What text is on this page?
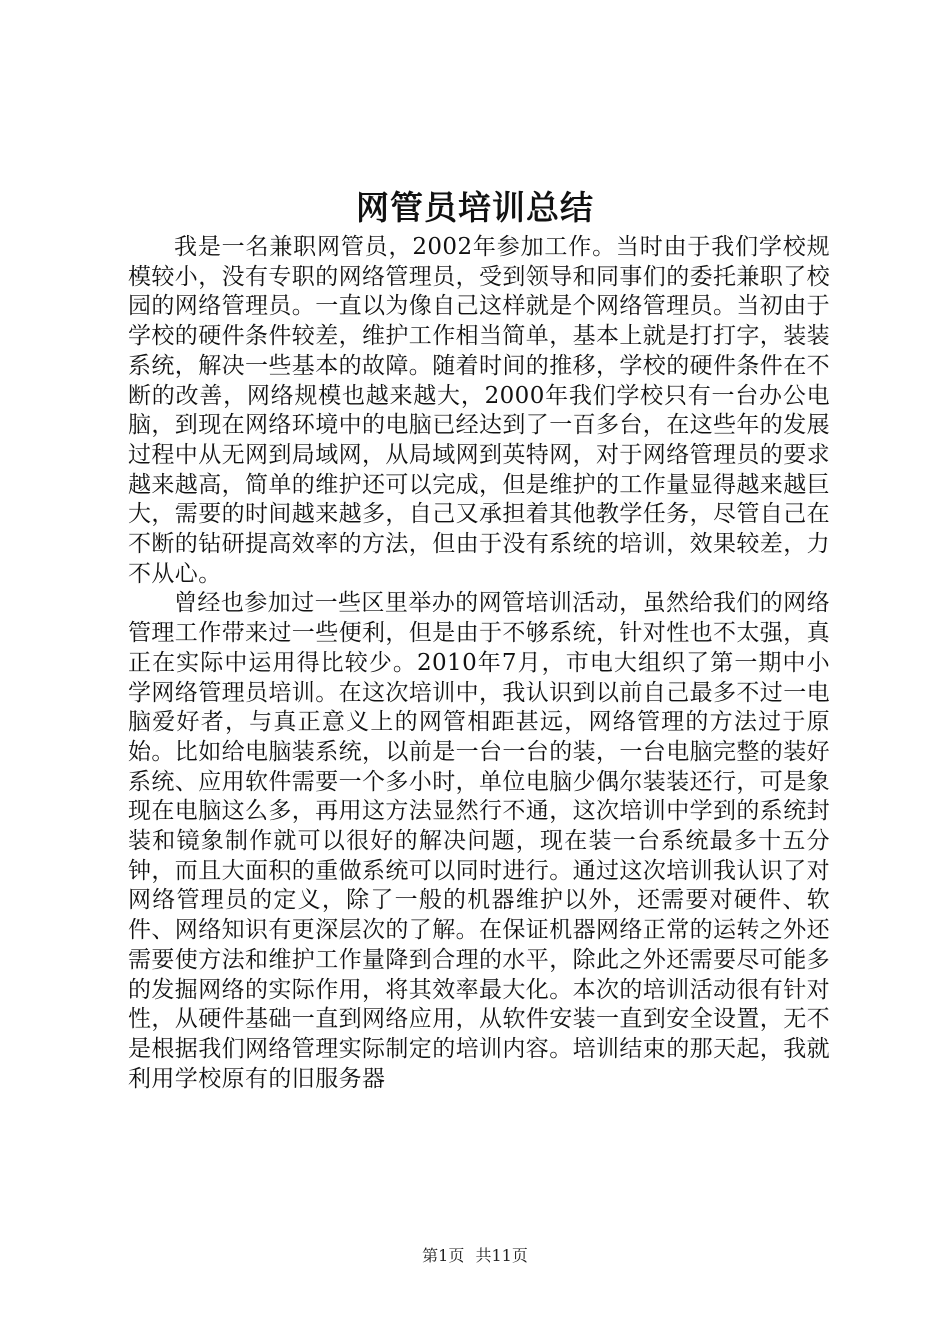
网管员培训总结

我是一名兼职网管员，2002年参加工作。当时由于我们学校规模较小，没有专职的网络管理员，受到领导和同事们的委托兼职了校园的网络管理员。一直以为像自己这样就是个网络管理员。当初由于学校的硬件条件较差，维护工作相当简单，基本上就是打打字，装装系统，解决一些基本的故障。随着时间的推移，学校的硬件条件在不断的改善，网络规模也越来越大，2000年我们学校只有一台办公电脑，到现在网络环境中的电脑已经达到了一百多台，在这些年的发展过程中从无网到局域网，从局域网到英特网，对于网络管理员的要求越来越高，简单的维护还可以完成，但是维护的工作量显得越来越巨大，需要的时间越来越多，自己又承担着其他教学任务，尽管自己在不断的钻研提高效率的方法，但由于没有系统的培训，效果较差，力不从心。

曾经也参加过一些区里举办的网管培训活动，虽然给我们的网络管理工作带来过一些便利，但是由于不够系统，针对性也不太强，真正在实际中运用得比较少。2010年7月，市电大组织了第一期中小学网络管理员培训。在这次培训中，我认识到以前自己最多不过一电脑爱好者，与真正意义上的网管相距甚远，网络管理的方法过于原始。比如给电脑装系统，以前是一台一台的装，一台电脑完整的装好系统、应用软件需要一个多小时，单位电脑少偶尔装装还行，可是象现在电脑这么多，再用这方法显然行不通，这次培训中学到的系统封装和镜象制作就可以很好的解决问题，现在装一台系统最多十五分钟，而且大面积的重做系统可以同时进行。通过这次培训我认识了对网络管理员的定义，除了一般的机器维护以外，还需要对硬件、软件、网络知识有更深层次的了解。在保证机器网络正常的运转之外还需要使方法和维护工作量降到合理的水平，除此之外还需要尽可能多的发掘网络的实际作用，将其效率最大化。本次的培训活动很有针对性，从硬件基础一直到网络应用，从软件安装一直到安全设置，无不是根据我们网络管理实际制定的培训内容。培训结束的那天起，我就利用学校原有的旧服务器

第1页 共11页
